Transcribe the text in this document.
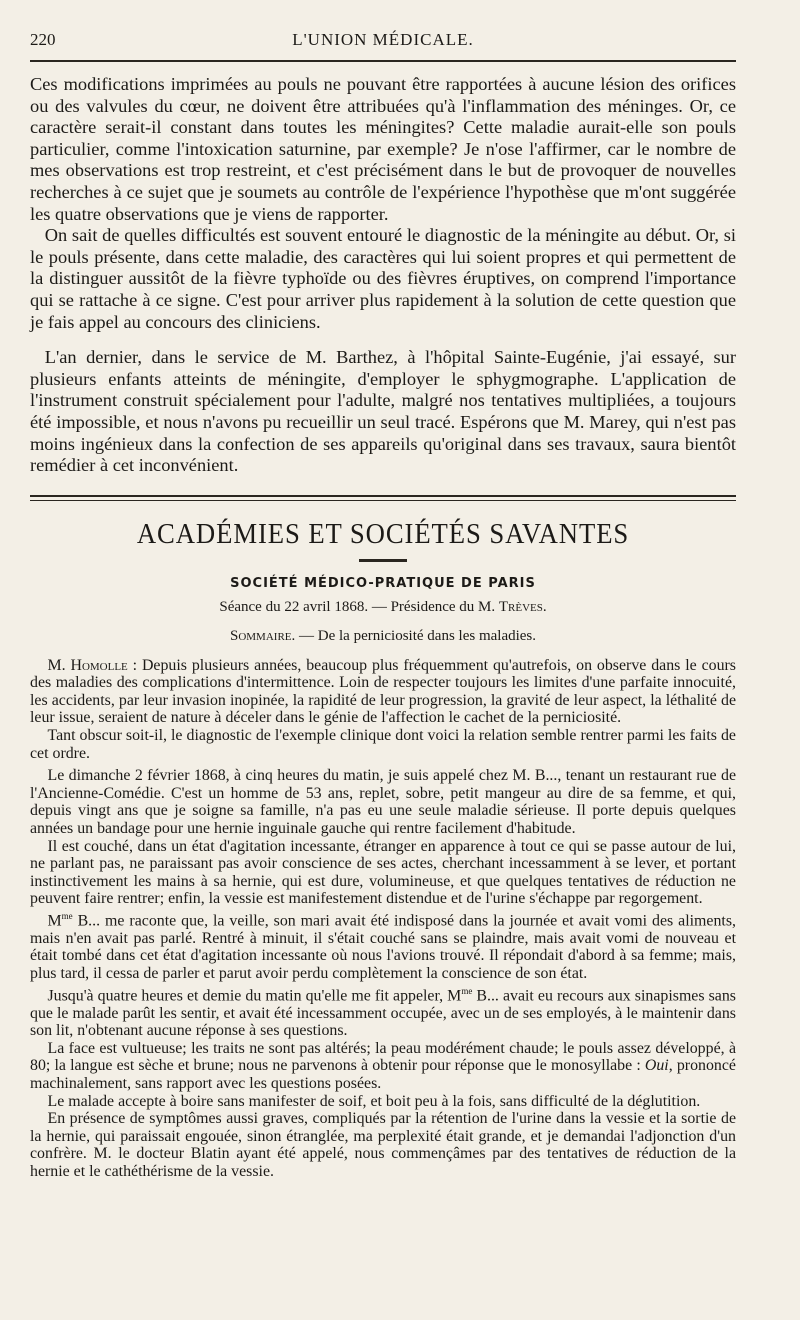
220	L'UNION MÉDICALE.

Ces modifications imprimées au pouls ne pouvant être rapportées à aucune lésion des orifices ou des valvules du cœur, ne doivent être attribuées qu'à l'inflammation des méninges. Or, ce caractère serait-il constant dans toutes les méningites? Cette maladie aurait-elle son pouls particulier, comme l'intoxication saturnine, par exemple? Je n'ose l'affirmer, car le nombre de mes observations est trop restreint, et c'est précisément dans le but de provoquer de nouvelles recherches à ce sujet que je soumets au contrôle de l'expérience l'hypothèse que m'ont suggérée les quatre observations que je viens de rapporter.

On sait de quelles difficultés est souvent entouré le diagnostic de la méningite au début. Or, si le pouls présente, dans cette maladie, des caractères qui lui soient propres et qui permettent de la distinguer aussitôt de la fièvre typhoïde ou des fièvres éruptives, on comprend l'importance qui se rattache à ce signe. C'est pour arriver plus rapidement à la solution de cette question que je fais appel au concours des cliniciens.

L'an dernier, dans le service de M. Barthez, à l'hôpital Sainte-Eugénie, j'ai essayé, sur plusieurs enfants atteints de méningite, d'employer le sphygmographe. L'application de l'instrument construit spécialement pour l'adulte, malgré nos tentatives multipliées, a toujours été impossible, et nous n'avons pu recueillir un seul tracé. Espérons que M. Marey, qui n'est pas moins ingénieux dans la confection de ses appareils qu'original dans ses travaux, saura bientôt remédier à cet inconvénient.

ACADÉMIES ET SOCIÉTÉS SAVANTES
SOCIÉTÉ MÉDICO-PRATIQUE DE PARIS
Séance du 22 avril 1868. — Présidence du M. Trèves.
Sommaire. — De la perniciosité dans les maladies.

M. Homolle : Depuis plusieurs années, beaucoup plus fréquemment qu'autrefois, on observe dans le cours des maladies des complications d'intermittence. Loin de respecter toujours les limites d'une parfaite innocuité, les accidents, par leur invasion inopinée, la rapidité de leur progression, la gravité de leur aspect, la léthalité de leur issue, seraient de nature à déceler dans le génie de l'affection le cachet de la perniciosité.

Tant obscur soit-il, le diagnostic de l'exemple clinique dont voici la relation semble rentrer parmi les faits de cet ordre.

Le dimanche 2 février 1868, à cinq heures du matin, je suis appelé chez M. B..., tenant un restaurant rue de l'Ancienne-Comédie. C'est un homme de 53 ans, replet, sobre, petit mangeur au dire de sa femme, et qui, depuis vingt ans que je soigne sa famille, n'a pas eu une seule maladie sérieuse. Il porte depuis quelques années un bandage pour une hernie inguinale gauche qui rentre facilement d'habitude.

Il est couché, dans un état d'agitation incessante, étranger en apparence à tout ce qui se passe autour de lui, ne parlant pas, ne paraissant pas avoir conscience de ses actes, cherchant incessamment à se lever, et portant instinctivement les mains à sa hernie, qui est dure, volumineuse, et que quelques tentatives de réduction ne peuvent faire rentrer; enfin, la vessie est manifestement distendue et de l'urine s'échappe par regorgement.

$M^{me}$ B... me raconte que, la veille, son mari avait été indisposé dans la journée et avait vomi des aliments, mais n'en avait pas parlé. Rentré à minuit, il s'était couché sans se plaindre, mais avait vomi de nouveau et était tombé dans cet état d'agitation incessante où nous l'avions trouvé. Il répondait d'abord à sa femme; mais, plus tard, il cessa de parler et parut avoir perdu complètement la conscience de son état.

Jusqu'à quatre heures et demie du matin qu'elle me fit appeler, $M^{me}$ B... avait eu recours aux sinapismes sans que le malade parût les sentir, et avait été incessamment occupée, avec un de ses employés, à le maintenir dans son lit, n'obtenant aucune réponse à ses questions.

La face est vultueuse; les traits ne sont pas altérés; la peau modérément chaude; le pouls assez développé, à 80; la langue est sèche et brune; nous ne parvenons à obtenir pour réponse que le monosyllabe : Oui, prononcé machinalement, sans rapport avec les questions posées.

Le malade accepte à boire sans manifester de soif, et boit peu à la fois, sans difficulté de la déglutition.

En présence de symptômes aussi graves, compliqués par la rétention de l'urine dans la vessie et la sortie de la hernie, qui paraissait engouée, sinon étranglée, ma perplexité était grande, et je demandai l'adjonction d'un confrère. M. le docteur Blatin ayant été appelé, nous commençâmes par des tentatives de réduction de la hernie et le cathéthérisme de la vessie.
